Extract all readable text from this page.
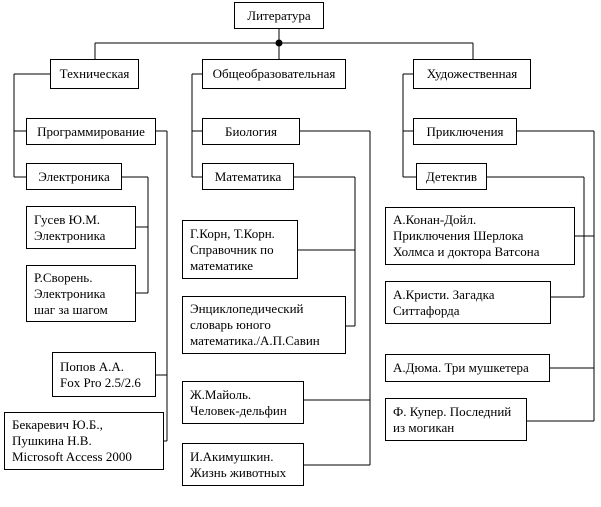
Литература
Техническая	Общеобразовательная	Художественная
Программирование
Электроника
Биология
Математика
Приключения
Детектив
Гусев Ю.М.
Электроника
Р.Сворень.
Электроника
шаг за шагом
Попов А.А.
Fox Pro 2.5/2.6
Бекаревич Ю.Б.,
Пушкина Н.В.
Microsoft Access 2000
Г.Корн, Т.Корн.
Справочник по
математике
Энциклопедический
словарь юного
математика./А.П.Савин
Ж.Майоль.
Человек-дельфин
И.Акимушкин.
Жизнь животных
А.Конан-Дойл.
Приключения Шерлока
Холмса и доктора Ватсона
А.Кристи. Загадка
Ситтафорда
А.Дюма. Три мушкетера
Ф. Купер. Последний
из могикан
